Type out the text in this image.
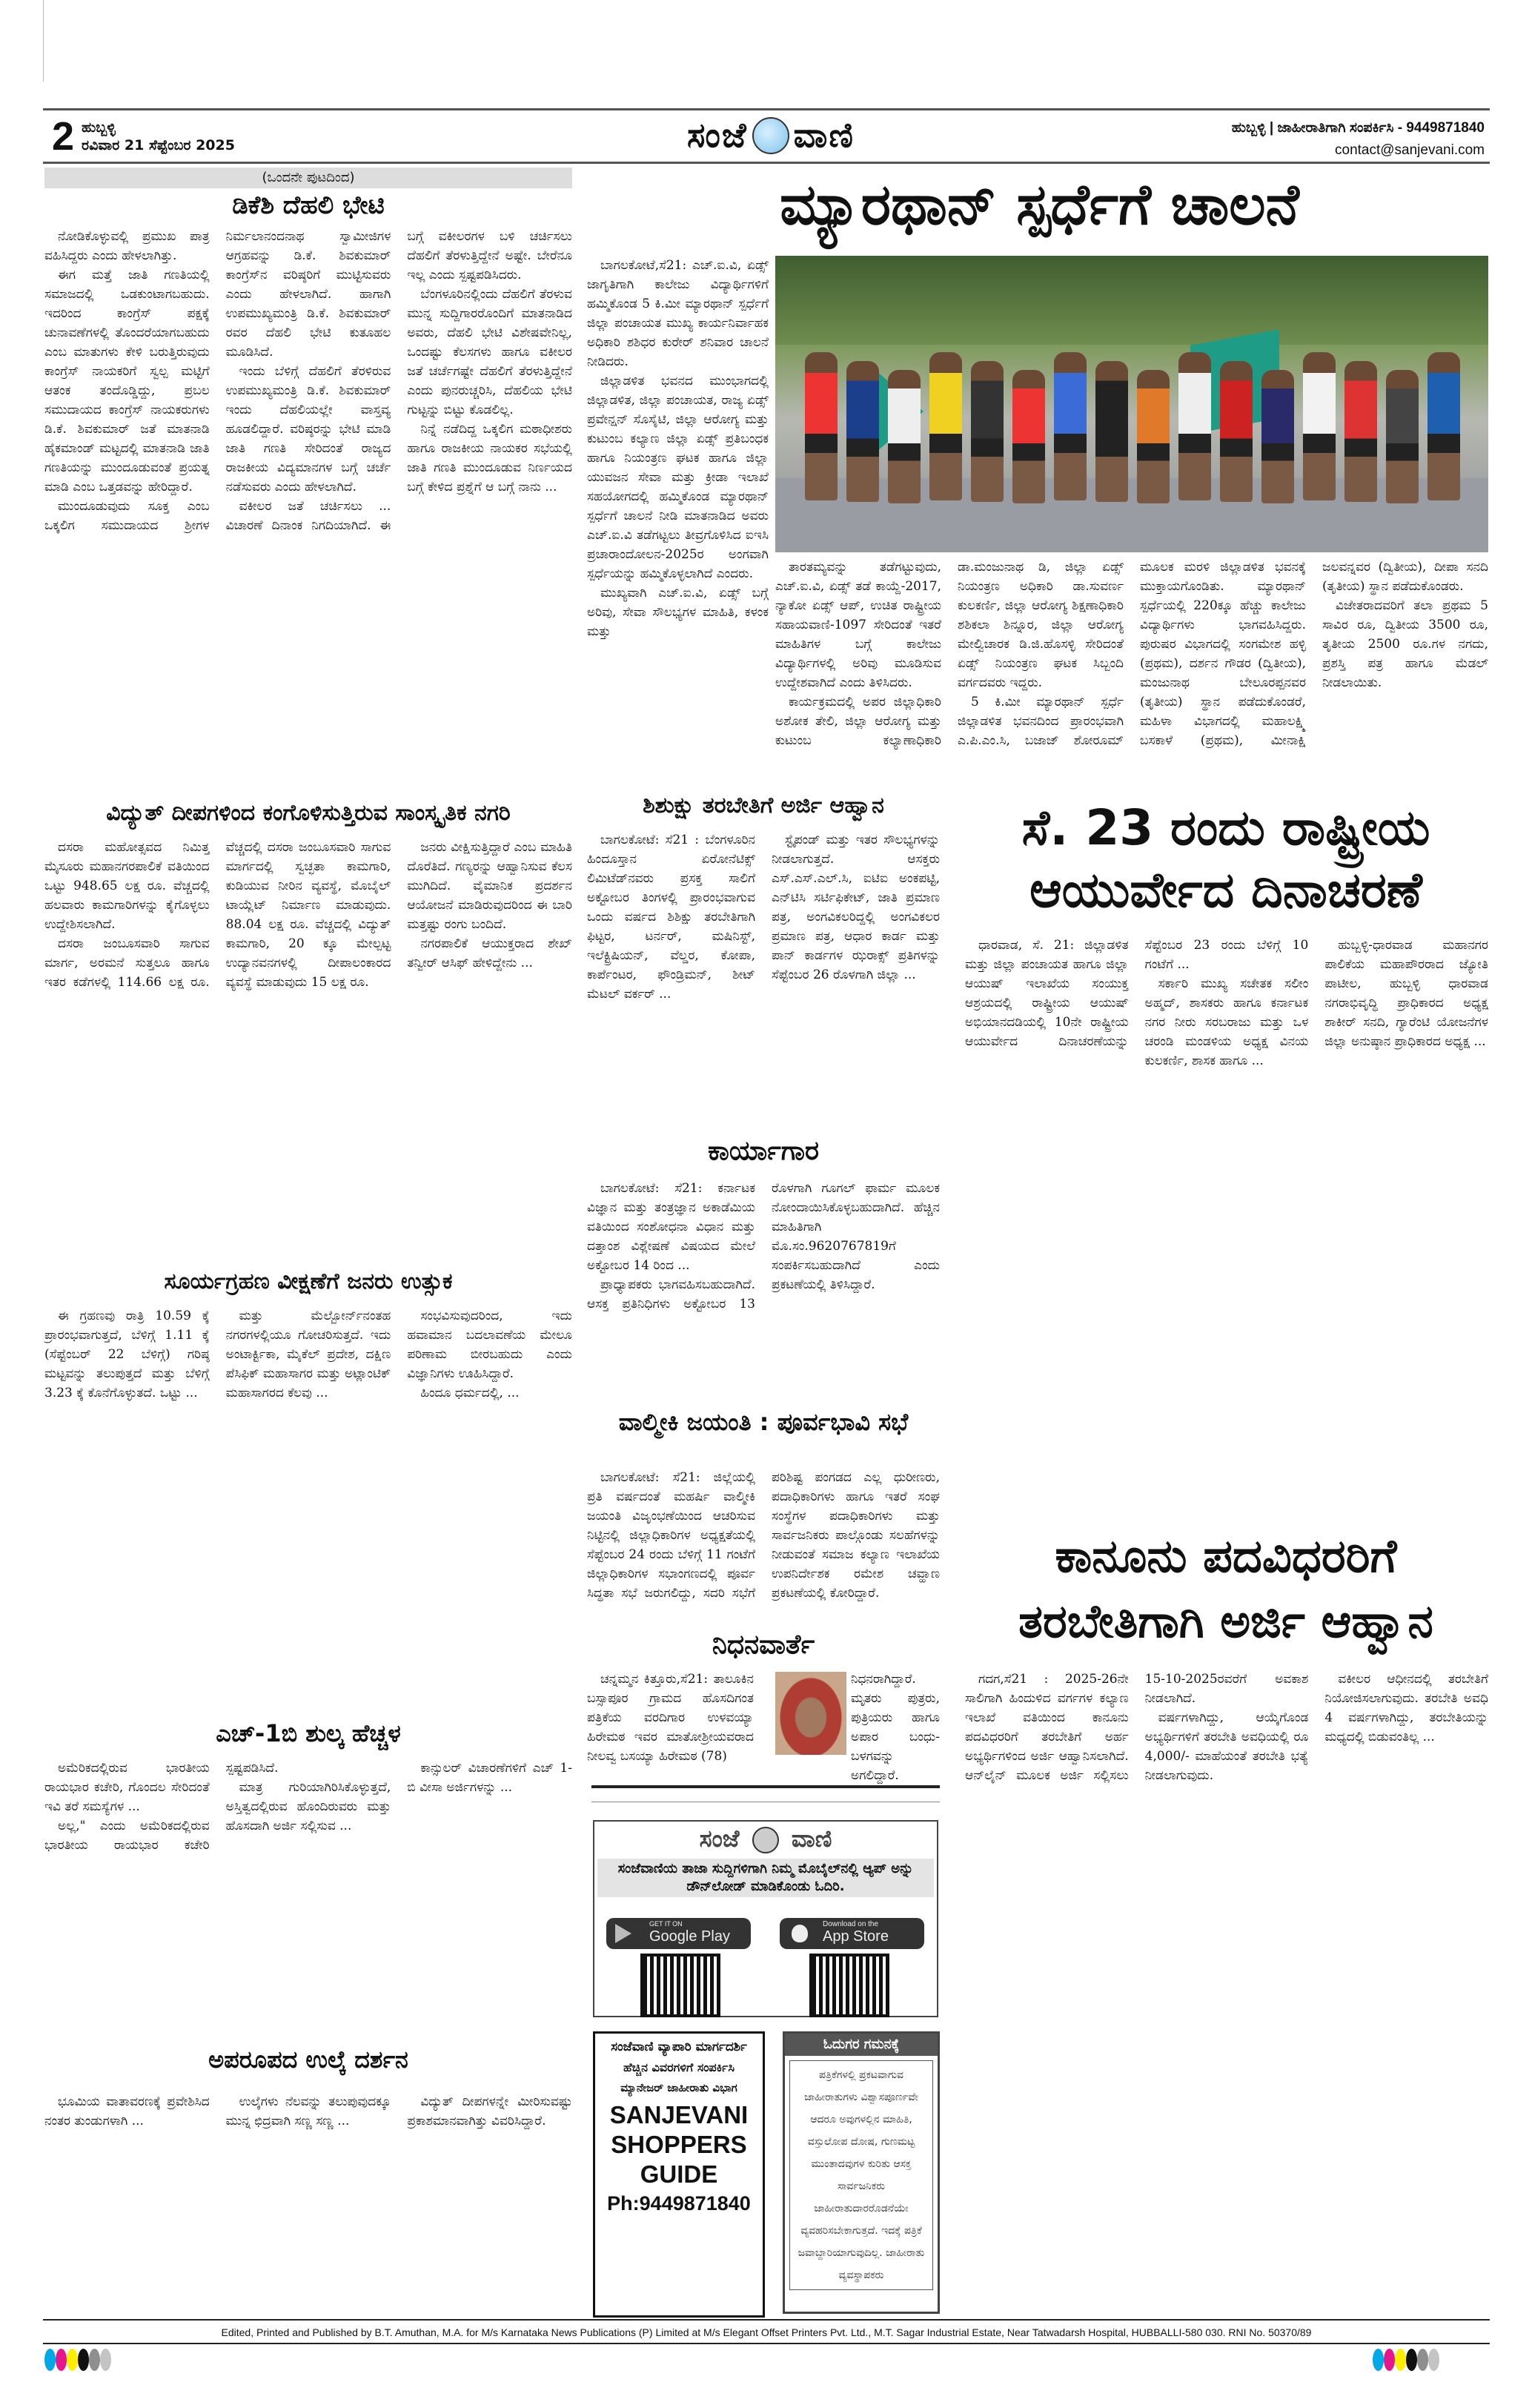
2 ಹುಬ್ಬಳ್ಳಿ
ರವಿವಾರ 21 ಸೆಪ್ಟೆಂಬರ 2025	ಸಂಜೆ ವಾಣಿ	ಹುಬ್ಬಳ್ಳಿ | ಜಾಹೀರಾತಿಗಾಗಿ ಸಂಪರ್ಕಿಸಿ - 9449871840
contact@sanjevani.com
(ಒಂದನೇ ಪುಟದಿಂದ)
ಡಿಕೆಶಿ ದೆಹಲಿ ಭೇಟಿ

ನೋಡಿಕೊಳ್ಳುವಲ್ಲಿ ಪ್ರಮುಖ ಪಾತ್ರ ವಹಿಸಿದ್ದರು ಎಂದು ಹೇಳಲಾಗಿತ್ತು.

ಈಗ ಮತ್ತೆ ಜಾತಿ ಗಣತಿಯಲ್ಲಿ ಸಮಾಜದಲ್ಲಿ ಒಡಕುಂಟಾಗಬಹುದು. ಇದರಿಂದ ಕಾಂಗ್ರೆಸ್ ಪಕ್ಷಕ್ಕೆ ಚುನಾವಣೆಗಳಲ್ಲಿ ತೊಂದರೆಯಾಗಬಹುದು ಎಂಬ ಮಾತುಗಳು ಕೇಳಿ ಬರುತ್ತಿರುವುದು ಕಾಂಗ್ರೆಸ್ ನಾಯಕರಿಗೆ ಸ್ವಲ್ಪ ಮಟ್ಟಿಗೆ ಆತಂಕ ತಂದೊಡ್ಡಿದ್ದು, ಪ್ರಬಲ ಸಮುದಾಯದ ಕಾಂಗ್ರೆಸ್ ನಾಯಕರುಗಳು ಡಿ.ಕೆ. ಶಿವಕುಮಾರ್ ಜತೆ ಮಾತನಾಡಿ ಹೈಕಮಾಂಡ್ ಮಟ್ಟದಲ್ಲಿ ಮಾತನಾಡಿ ಜಾತಿ ಗಣತಿಯನ್ನು ಮುಂದೂಡುವಂತೆ ಪ್ರಯತ್ನ ಮಾಡಿ ಎಂಬ ಒತ್ತಡವನ್ನು ಹೇರಿದ್ದಾರೆ.

ಮುಂದೂಡುವುದು ಸೂಕ್ತ ಎಂಬ ಒಕ್ಕಲಿಗ ಸಮುದಾಯದ ಶ್ರೀಗಳ ನಿರ್ಮಲಾನಂದನಾಥ ಸ್ವಾಮೀಜಿಗಳ ಆಗ್ರಹವನ್ನು ಡಿ.ಕೆ. ಶಿವಕುಮಾರ್ ಕಾಂಗ್ರೆಸ್‌ನ ವರಿಷ್ಠರಿಗೆ ಮುಟ್ಟಿಸುವರು ಎಂದು ಹೇಳಲಾಗಿದೆ. ಹಾಗಾಗಿ ಉಪಮುಖ್ಯಮಂತ್ರಿ ಡಿ.ಕೆ. ಶಿವಕುಮಾರ್ ರವರ ದೆಹಲಿ ಭೇಟಿ ಕುತೂಹಲ ಮೂಡಿಸಿದೆ.

ಇಂದು ಬೆಳಿಗ್ಗೆ ದೆಹಲಿಗೆ ತೆರಳಿರುವ ಉಪಮುಖ್ಯಮಂತ್ರಿ ಡಿ.ಕೆ. ಶಿವಕುಮಾರ್ ಇಂದು ದೆಹಲಿಯಲ್ಲೇ ವಾಸ್ತವ್ಯ ಹೂಡಲಿದ್ದಾರೆ. ವರಿಷ್ಠರನ್ನು ಭೇಟಿ ಮಾಡಿ ಜಾತಿ ಗಣತಿ ಸೇರಿದಂತೆ ರಾಜ್ಯದ ರಾಜಕೀಯ ವಿದ್ಯಮಾನಗಳ ಬಗ್ಗೆ ಚರ್ಚೆ ನಡೆಸುವರು ಎಂದು ಹೇಳಲಾಗಿದೆ.

ವಕೀಲರ ಜತೆ ಚರ್ಚಿಸಲು ... ವಿಚಾರಣೆ ದಿನಾಂಕ ನಿಗದಿಯಾಗಿದೆ. ಈ ಬಗ್ಗೆ ವಕೀಲರಗಳ ಬಳಿ ಚರ್ಚಿಸಲು ದೆಹಲಿಗೆ ತೆರಳುತ್ತಿದ್ದೇನೆ ಅಷ್ಟೇ. ಬೇರೆನೂ ಇಲ್ಲ ಎಂದು ಸ್ಪಷ್ಟಪಡಿಸಿದರು.

ಬೆಂಗಳೂರಿನಲ್ಲಿಂದು ದೆಹಲಿಗೆ ತೆರಳುವ ಮುನ್ನ ಸುದ್ದಿಗಾರರೊಂದಿಗೆ ಮಾತನಾಡಿದ ಅವರು, ದೆಹಲಿ ಭೇಟಿ ವಿಶೇಷವೇನಿಲ್ಲ, ಒಂದಷ್ಟು ಕೆಲಸಗಳು ಹಾಗೂ ವಕೀಲರ ಜತೆ ಚರ್ಚೆಗಷ್ಟೇ ದೆಹಲಿಗೆ ತೆರಳುತ್ತಿದ್ದೇನೆ ಎಂದು ಪುನರುಚ್ಚರಿಸಿ, ದೆಹಲಿಯ ಭೇಟಿ ಗುಟ್ಟನ್ನು ಬಿಟ್ಟು ಕೊಡಲಿಲ್ಲ.

ನಿನ್ನೆ ನಡೆದಿದ್ದ ಒಕ್ಕಲಿಗ ಮಠಾಧೀಶರು ಹಾಗೂ ರಾಜಕೀಯ ನಾಯಕರ ಸಭೆಯಲ್ಲಿ ಜಾತಿ ಗಣತಿ ಮುಂದೂಡುವ ನಿರ್ಣಯದ ಬಗ್ಗೆ ಕೇಳಿದ ಪ್ರಶ್ನೆಗೆ ಆ ಬಗ್ಗೆ ನಾನು ...

ವಿದ್ಯುತ್ ದೀಪಗಳಿಂದ ಕಂಗೊಳಿಸುತ್ತಿರುವ ಸಾಂಸ್ಕೃತಿಕ ನಗರಿ

ದಸರಾ ಮಹೋತ್ಸವದ ನಿಮಿತ್ತ ಮೈಸೂರು ಮಹಾನಗರಪಾಲಿಕೆ ವತಿಯಿಂದ ಒಟ್ಟು 948.65 ಲಕ್ಷ ರೂ. ವೆಚ್ಚದಲ್ಲಿ ಹಲವಾರು ಕಾಮಗಾರಿಗಳನ್ನು ಕೈಗೊಳ್ಳಲು ಉದ್ದೇಶಿಸಲಾಗಿದೆ.

ದಸರಾ ಜಂಬೂಸವಾರಿ ಸಾಗುವ ಮಾರ್ಗ, ಅರಮನೆ ಸುತ್ತಲೂ ಹಾಗೂ ಇತರ ಕಡೆಗಳಲ್ಲಿ 114.66 ಲಕ್ಷ ರೂ. ವೆಚ್ಚದಲ್ಲಿ ದಸರಾ ಜಂಬೂಸವಾರಿ ಸಾಗುವ ಮಾರ್ಗದಲ್ಲಿ ಸ್ವಚ್ಛತಾ ಕಾಮಗಾರಿ, ಕುಡಿಯುವ ನೀರಿನ ವ್ಯವಸ್ಥೆ, ಮೊಬೈಲ್ ಟಾಯ್ಲೆಟ್ ನಿರ್ಮಾಣ ಮಾಡುವುದು. 88.04 ಲಕ್ಷ ರೂ. ವೆಚ್ಚದಲ್ಲಿ ವಿದ್ಯುತ್ ಕಾಮಗಾರಿ, 20 ಕ್ಕೂ ಮೇಲ್ಪಟ್ಟ ಉದ್ಯಾನವನಗಳಲ್ಲಿ ದೀಪಾಲಂಕಾರದ ವ್ಯವಸ್ಥೆ ಮಾಡುವುದು 15 ಲಕ್ಷ ರೂ.

ಜನರು ವೀಕ್ಷಿಸುತ್ತಿದ್ದಾರೆ ಎಂಬ ಮಾಹಿತಿ ದೊರೆತಿದೆ. ಗಣ್ಯರನ್ನು ಆಹ್ವಾನಿಸುವ ಕೆಲಸ ಮುಗಿದಿದೆ. ವೈಮಾನಿಕ ಪ್ರದರ್ಶನ ಆಯೋಜನೆ ಮಾಡಿರುವುದರಿಂದ ಈ ಬಾರಿ ಮತ್ತಷ್ಟು ರಂಗು ಬಂದಿದೆ.

ನಗರಪಾಲಿಕೆ ಆಯುಕ್ತರಾದ ಶೇಖ್ ತನ್ವೀರ್ ಆಸಿಫ್ ಹೇಳಿದ್ದೇನು ...

ಸೂರ್ಯಗ್ರಹಣ ವೀಕ್ಷಣೆಗೆ ಜನರು ಉತ್ಸುಕ

ಈ ಗ್ರಹಣವು ರಾತ್ರಿ 10.59 ಕ್ಕೆ ಪ್ರಾರಂಭವಾಗುತ್ತದೆ, ಬೆಳಿಗ್ಗೆ 1.11 ಕ್ಕೆ (ಸೆಪ್ಟೆಂಬರ್ 22 ಬೆಳಿಗ್ಗೆ) ಗರಿಷ್ಠ ಮಟ್ಟವನ್ನು ತಲುಪುತ್ತದೆ ಮತ್ತು ಬೆಳಿಗ್ಗೆ 3.23 ಕ್ಕೆ ಕೊನೆಗೊಳ್ಳುತದೆ. ಒಟ್ಟು ...

ಮತ್ತು ಮೆಲ್ಬೋರ್ನ್‌ನಂತಹ ನಗರಗಳಲ್ಲಿಯೂ ಗೋಚರಿಸುತ್ತದೆ. ಇದು ಅಂಟಾರ್ಕ್ಟಿಕಾ, ಮೈಕೆಲ್ ಪ್ರದೇಶ, ದಕ್ಷಿಣ ಪೆಸಿಫಿಕ್ ಮಹಾಸಾಗರ ಮತ್ತು ಅಟ್ಲಾಂಟಿಕ್ ಮಹಾಸಾಗರದ ಕೆಲವು ...

ಸಂಭವಿಸುವುದರಿಂದ, ಇದು ಹವಾಮಾನ ಬದಲಾವಣೆಯ ಮೇಲೂ ಪರಿಣಾಮ ಬೀರಬಹುದು ಎಂದು ವಿಜ್ಞಾನಿಗಳು ಊಹಿಸಿದ್ದಾರೆ.

ಹಿಂದೂ ಧರ್ಮದಲ್ಲಿ, ...

ಎಚ್-1ಬಿ ಶುಲ್ಕ ಹೆಚ್ಚಳ

ಅಮೆರಿಕದಲ್ಲಿರುವ ಭಾರತೀಯ ರಾಯಭಾರ ಕಚೇರಿ, ಗೊಂದಲ ಸೇರಿದಂತೆ ಇವಿ ತರೆ ಸಮಸ್ಯೆಗಳ ...

ಅಲ್ಲ," ಎಂದು ಅಮೆರಿಕದಲ್ಲಿರುವ ಭಾರತೀಯ ರಾಯಭಾರ ಕಚೇರಿ ಸ್ಪಷ್ಟಪಡಿಸಿದೆ.

ಮಾತ್ರ ಗುರಿಯಾಗಿರಿಸಿಕೊಳ್ಳುತ್ತದೆ, ಅಸ್ತಿತ್ವದಲ್ಲಿರುವ ಹೊಂದಿರುವರು ಮತ್ತು ಹೊಸದಾಗಿ ಅರ್ಜಿ ಸಲ್ಲಿಸುವ ...

ಕಾನ್ಸುಲರ್ ವಿಚಾರಣೆಗಳಿಗೆ ಎಚ್ 1-ಬಿ ವೀಸಾ ಅರ್ಜಿಗಳನ್ನು ...

ಅಪರೂಪದ ಉಲ್ಕೆ ದರ್ಶನ

ಭೂಮಿಯ ವಾತಾವರಣಕ್ಕೆ ಪ್ರವೇಶಿಸಿದ ನಂತರ ತುಂಡುಗಳಾಗಿ ...

ಉಲ್ಕೆಗಳು ನೆಲವನ್ನು ತಲುಪುವುದಕ್ಕೂ ಮುನ್ನ ಛಿದ್ರವಾಗಿ ಸಣ್ಣ ಸಣ್ಣ ...

ವಿದ್ಯುತ್ ದೀಪಗಳನ್ನೇ ಮೀರಿಸುವಷ್ಟು ಪ್ರಕಾಶಮಾನವಾಗಿತ್ತು ವಿವರಿಸಿದ್ದಾರೆ.

ಮ್ಯಾರಥಾನ್ ಸ್ಪರ್ಧೆಗೆ ಚಾಲನೆ

ಬಾಗಲಕೋಟೆ,ಸೆ21: ಎಚ್.ಐ.ವಿ, ಏಡ್ಸ್ ಜಾಗೃತಿಗಾಗಿ ಕಾಲೇಜು ವಿದ್ಯಾರ್ಥಿಗಳಿಗೆ ಹಮ್ಮಿಕೊಂಡ 5 ಕಿ.ಮೀ ಮ್ಯಾರಥಾನ್ ಸ್ಪರ್ಧೆಗೆ ಜಿಲ್ಲಾ ಪಂಚಾಯತ ಮುಖ್ಯ ಕಾರ್ಯನಿರ್ವಾಹಕ ಅಧಿಕಾರಿ ಶಶಿಧರ ಕುರೇರ್ ಶನಿವಾರ ಚಾಲನೆ ನೀಡಿದರು.

ಜಿಲ್ಲಾಡಳಿತ ಭವನದ ಮುಂಭಾಗದಲ್ಲಿ ಜಿಲ್ಲಾಡಳಿತ, ಜಿಲ್ಲಾ ಪಂಚಾಯತ, ರಾಜ್ಯ ಏಡ್ಸ್ ಪ್ರವೇನ್ಷನ್ ಸೊಸೈಟಿ, ಜಿಲ್ಲಾ ಆರೋಗ್ಯ ಮತ್ತು ಕುಟುಂಬ ಕಲ್ಯಾಣ ಜಿಲ್ಲಾ ಏಡ್ಸ್ ಪ್ರತಿಬಂಧಕ ಹಾಗೂ ನಿಯಂತ್ರಣ ಘಟಕ ಹಾಗೂ ಜಿಲ್ಲಾ ಯುವಜನ ಸೇವಾ ಮತ್ತು ಕ್ರೀಡಾ ಇಲಾಖೆ ಸಹಯೋಗದಲ್ಲಿ ಹಮ್ಮಿಕೊಂಡ ಮ್ಯಾರಥಾನ್ ಸ್ಪರ್ಧೆಗೆ ಚಾಲನೆ ನೀಡಿ ಮಾತನಾಡಿದ ಅವರು ಎಚ್.ಐ.ವಿ ತಡೆಗಟ್ಟಲು ತೀವ್ರಗೊಳಿಸಿದ ಐಇಸಿ ಪ್ರಚಾರಾಂದೋಲನ-2025ರ ಅಂಗವಾಗಿ ಸ್ಪರ್ಧೆಯನ್ನು ಹಮ್ಮಿಕೊಳ್ಳಲಾಗಿದೆ ಎಂದರು.

ಮುಖ್ಯವಾಗಿ ಎಚ್.ಐ.ವಿ, ಏಡ್ಸ್ ಬಗ್ಗೆ ಅರಿವು, ಸೇವಾ ಸೌಲಭ್ಯಗಳ ಮಾಹಿತಿ, ಕಳಂಕ ಮತ್ತು

ತಾರತಮ್ಯವನ್ನು ತಡೆಗಟ್ಟುವುದು, ಎಚ್.ಐ.ವಿ, ಏಡ್ಸ್ ತಡೆ ಕಾಯ್ದೆ-2017, ನ್ಯಾಕೋ ಏಡ್ಸ್ ಆಪ್, ಉಚಿತ ರಾಷ್ಟ್ರೀಯ ಸಹಾಯವಾಣಿ-1097 ಸೇರಿದಂತೆ ಇತರೆ ಮಾಹಿತಿಗಳ ಬಗ್ಗೆ ಕಾಲೇಜು ವಿದ್ಯಾರ್ಥಿಗಳಲ್ಲಿ ಅರಿವು ಮೂಡಿಸುವ ಉದ್ದೇಶವಾಗಿದೆ ಎಂದು ತಿಳಿಸಿದರು.

ಕಾರ್ಯಕ್ರಮದಲ್ಲಿ ಅಪರ ಜಿಲ್ಲಾಧಿಕಾರಿ ಅಶೋಕ ತೇಲಿ, ಜಿಲ್ಲಾ ಆರೋಗ್ಯ ಮತ್ತು ಕುಟುಂಬ ಕಲ್ಯಾಣಾಧಿಕಾರಿ ಡಾ.ಮಂಜುನಾಥ ಡಿ, ಜಿಲ್ಲಾ ಏಡ್ಸ್ ನಿಯಂತ್ರಣ ಅಧಿಕಾರಿ ಡಾ.ಸುವರ್ಣ ಕುಲಕರ್ಣಿ, ಜಿಲ್ಲಾ ಆರೋಗ್ಯ ಶಿಕ್ಷಣಾಧಿಕಾರಿ ಶಶಿಕಲಾ ಶಿನ್ನೂರ, ಜಿಲ್ಲಾ ಆರೋಗ್ಯ ಮೇಲ್ವಿಚಾರಕ ಡಿ.ಜಿ.ಹೊಸಳ್ಳಿ ಸೇರಿದಂತೆ ಏಡ್ಸ್ ನಿಯಂತ್ರಣ ಘಟಕ ಸಿಬ್ಬಂದಿ ವರ್ಗದವರು ಇದ್ದರು.

5 ಕಿ.ಮೀ ಮ್ಯಾರಥಾನ್ ಸ್ಪರ್ಧೆ ಜಿಲ್ಲಾಡಳಿತ ಭವನದಿಂದ ಪ್ರಾರಂಭವಾಗಿ ಎ.ಪಿ.ಎಂ.ಸಿ, ಬಜಾಜ್ ಶೋರೂಮ್ ಮೂಲಕ ಮರಳಿ ಜಿಲ್ಲಾಡಳಿತ ಭವನಕ್ಕೆ ಮುಕ್ತಾಯಗೊಂಡಿತು. ಮ್ಯಾರಥಾನ್ ಸ್ಪರ್ಧೆಯಲ್ಲಿ 220ಕ್ಕೂ ಹೆಚ್ಚು ಕಾಲೇಜು ವಿದ್ಯಾರ್ಥಿಗಳು ಭಾಗವಹಿಸಿದ್ದರು. ಪುರುಷರ ವಿಭಾಗದಲ್ಲಿ ಸಂಗಮೇಶ ಹಳ್ಳಿ (ಪ್ರಥಮ), ದರ್ಶನ ಗೌಡರ (ದ್ವಿತೀಯ), ಮಂಜುನಾಥ ಬೇಲೂರಪ್ಪನವರ (ತೃತೀಯ) ಸ್ಥಾನ ಪಡೆದುಕೊಂಡರೆ, ಮಹಿಳಾ ವಿಭಾಗದಲ್ಲಿ ಮಹಾಲಕ್ಷ್ಮಿ ಬಸಕಾಳೆ (ಪ್ರಥಮ), ಮೀನಾಕ್ಷಿ ಜಲವನ್ನವರ (ದ್ವಿತೀಯ), ದೀಪಾ ಸನದಿ (ತೃತೀಯ) ಸ್ಥಾನ ಪಡೆದುಕೊಂಡರು.

ವಿಜೇತರಾದವರಿಗೆ ತಲಾ ಪ್ರಥಮ 5 ಸಾವಿರ ರೂ, ದ್ವಿತೀಯ 3500 ರೂ, ತೃತೀಯ 2500 ರೂ.ಗಳ ನಗದು, ಪ್ರಶಸ್ತಿ ಪತ್ರ ಹಾಗೂ ಮೆಡಲ್ ನೀಡಲಾಯಿತು.

ಶಿಶುಕ್ಷು ತರಬೇತಿಗೆ ಅರ್ಜಿ ಆಹ್ವಾನ

ಬಾಗಲಕೋಟೆ: ಸೆ21 : ಬೆಂಗಳೂರಿನ ಹಿಂದೂಸ್ತಾನ ಏರೋನೆಟಿಕ್ಸ್ ಲಿಮಿಟೆಡ್‌ನವರು ಪ್ರಸಕ್ತ ಸಾಲಿಗೆ ಅಕ್ಟೋಬರ ತಿಂಗಳಲ್ಲಿ ಪ್ರಾರಂಭವಾಗುವ ಒಂದು ವರ್ಷದ ಶಿಶಿಕ್ಷು ತರಬೇತಿಗಾಗಿ ಫಿಟ್ಟರ, ಟರ್ನರ್, ಮಷಿನಿಸ್ಟ್, ಇಲೆಕ್ಟ್ರಿಷಿಯನ್, ವೆಲ್ಡರ, ಕೋಪಾ, ಕಾರ್ಪೆಂಟರ, ಫೌಂಡ್ರಿಮನ್, ಶೀಟ್ ಮೆಟಲ್ ವರ್ಕರ್ ...

ಸ್ಟೈಪಂಡ್ ಮತ್ತು ಇತರ ಸೌಲಭ್ಯಗಳನ್ನು ನೀಡಲಾಗುತ್ತದೆ. ಆಸಕ್ತರು ಎಸ್.ಎಸ್.ಎಲ್.ಸಿ, ಐಟಿಐ ಅಂಕಪಟ್ಟಿ, ಎನ್‌ಟಿಸಿ ಸರ್ಟಿಫಿಕೇಟ್, ಜಾತಿ ಪ್ರಮಾಣ ಪತ್ರ, ಅಂಗವಿಕಲರಿದ್ದಲ್ಲಿ ಅಂಗವಿಕಲರ ಪ್ರಮಾಣ ಪತ್ರ, ಆಧಾರ ಕಾರ್ಡ ಮತ್ತು ಪಾನ್ ಕಾರ್ಡಗಳ ಝರಾಕ್ಸ್ ಪ್ರತಿಗಳನ್ನು ಸೆಪ್ಟೆಂಬರ 26 ರೊಳಗಾಗಿ ಜಿಲ್ಲಾ ...

ಕಾರ್ಯಾಗಾರ

ಬಾಗಲಕೋಟೆ: ಸೆ21: ಕರ್ನಾಟಕ ವಿಜ್ಞಾನ ಮತ್ತು ತಂತ್ರಜ್ಞಾನ ಅಕಾಡೆಮಿಯ ವತಿಯಿಂದ ಸಂಶೋಧನಾ ವಿಧಾನ ಮತ್ತು ದತ್ತಾಂಶ ವಿಶ್ಲೇಷಣೆ ವಿಷಯದ ಮೇಲೆ ಅಕ್ಟೋಬರ 14 ರಿಂದ ...

ಪ್ರಾಧ್ಯಾಪಕರು ಭಾಗವಹಿಸಬಹುದಾಗಿದೆ. ಆಸಕ್ತ ಪ್ರತಿನಿಧಿಗಳು ಅಕ್ಟೋಬರ 13 ರೊಳಗಾಗಿ ಗೂಗಲ್ ಫಾರ್ಮ ಮೂಲಕ ನೋಂದಾಯಿಸಿಕೊಳ್ಳಬಹುದಾಗಿದೆ. ಹೆಚ್ಚಿನ ಮಾಹಿತಿಗಾಗಿ ಮೊ.ಸಂ.9620767819ಗೆ ಸಂಪರ್ಕಿಸಬಹುದಾಗಿದೆ ಎಂದು ಪ್ರಕಟಣೆಯಲ್ಲಿ ತಿಳಿಸಿದ್ದಾರೆ.

ವಾಲ್ಮೀಕಿ ಜಯಂತಿ : ಪೂರ್ವಭಾವಿ ಸಭೆ

ಬಾಗಲಕೋಟೆ: ಸೆ21: ಜಿಲ್ಲೆಯಲ್ಲಿ ಪ್ರತಿ ವರ್ಷದಂತೆ ಮಹರ್ಷಿ ವಾಲ್ಮೀಕಿ ಜಯಂತಿ ವಿಜೃಂಭಣೆಯಿಂದ ಆಚರಿಸುವ ನಿಟ್ಟಿನಲ್ಲಿ ಜಿಲ್ಲಾಧಿಕಾರಿಗಳ ಅಧ್ಯಕ್ಷತೆಯಲ್ಲಿ ಸೆಪ್ಟೆಂಬರ 24 ರಂದು ಬೆಳಿಗ್ಗೆ 11 ಗಂಟೆಗೆ ಜಿಲ್ಲಾಧಿಕಾರಿಗಳ ಸಭಾಂಗಣದಲ್ಲಿ ಪೂರ್ವ ಸಿದ್ಧತಾ ಸಭೆ ಜರುಗಲಿದ್ದು, ಸದರಿ ಸಭೆಗೆ ಪರಿಶಿಷ್ಟ ಪಂಗಡದ ಎಲ್ಲ ಧುರೀಣರು, ಪದಾಧಿಕಾರಿಗಳು ಹಾಗೂ ಇತರೆ ಸಂಘ ಸಂಸ್ಥೆಗಳ ಪದಾಧಿಕಾರಿಗಳು ಮತ್ತು ಸಾರ್ವಜನಿಕರು ಪಾಲ್ಗೊಂಡು ಸಲಹೆಗಳನ್ನು ನೀಡುವಂತೆ ಸಮಾಜ ಕಲ್ಯಾಣ ಇಲಾಖೆಯ ಉಪನಿರ್ದೇಶಕ ರಮೇಶ ಚವ್ಹಾಣ ಪ್ರಕಟಣೆಯಲ್ಲಿ ಕೋರಿದ್ದಾರೆ.

ನಿಧನವಾರ್ತೆ
ಚನ್ನಮ್ಮನ ಕಿತ್ತೂರು,ಸೆ21: ತಾಲೂಕಿನ ಬಸ್ಸಾಪೂರ ಗ್ರಾಮದ ಹೊಸದಿಗಂತ ಪತ್ರಿಕೆಯ ವರದಿಗಾರ ಉಳವಯ್ಯಾ ಹಿರೇಮಠ ಇವರ ಮಾತೋಶ್ರೀಯವರಾದ ನೀಲವ್ವ ಬಸಯ್ಯಾ ಹಿರೇಮಠ (78)
ನಿಧನರಾಗಿದ್ದಾರೆ. ಮೃತರು ಪುತ್ರರು, ಪುತ್ರಿಯರು ಹಾಗೂ ಅಪಾರ ಬಂಧು-ಬಳಗವನ್ನು ಅಗಲಿದ್ದಾರೆ.
ಸಂಜೆ ವಾಣಿ
ಸಂಜೆವಾಣಿಯ ತಾಜಾ ಸುದ್ದಿಗಳಿಗಾಗಿ ನಿಮ್ಮ ಮೊಬೈಲ್‌ನಲ್ಲಿ ಆ್ಯಪ್ ಅನ್ನು ಡೌನ್‌ಲೋಡ್ ಮಾಡಿಕೊಂಡು ಓದಿರಿ.
GET IT ON
Google Play
Download on the
App Store
ಸಂಜೆವಾಣಿ ವ್ಯಾಪಾರಿ ಮಾರ್ಗದರ್ಶಿ
ಹೆಚ್ಚಿನ ವಿವರಗಳಿಗೆ ಸಂಪರ್ಕಿಸಿ
ಮ್ಯಾನೇಜರ್ ಜಾಹೀರಾತು ವಿಭಾಗ
SANJEVANI SHOPPERS GUIDE
Ph:9449871840
ಓದುಗರ ಗಮನಕ್ಕೆ
ಪತ್ರಿಕೆಗಳಲ್ಲಿ ಪ್ರಕಟವಾಗುವ ಜಾಹೀರಾತುಗಳು ವಿಶ್ವಾಸಪೂರ್ಣವೇ ಆದರೂ ಅವುಗಳಲ್ಲಿನ ಮಾಹಿತಿ, ವಸ್ತುಲೋಪ ದೋಷ, ಗುಣಮಟ್ಟ ಮುಂತಾದವುಗಳ ಕುರಿತು ಆಸಕ್ತ ಸಾರ್ವಜನಿಕರು ಜಾಹೀರಾತುದಾರರೊಡನೆಯೇ ವ್ಯವಹರಿಸಬೇಕಾಗುತ್ತದೆ. ಇದಕ್ಕೆ ಪತ್ರಿಕೆ ಜವಾಬ್ದಾರಿಯಾಗುವುದಿಲ್ಲ. ಜಾಹೀರಾತು ವ್ಯವಸ್ಥಾಪಕರು
ಸೆ. 23 ರಂದು ರಾಷ್ಟ್ರೀಯ
ಆಯುರ್ವೇದ ದಿನಾಚರಣೆ

ಧಾರವಾಡ, ಸೆ. 21: ಜಿಲ್ಲಾಡಳಿತ ಮತ್ತು ಜಿಲ್ಲಾ ಪಂಚಾಯತ ಹಾಗೂ ಜಿಲ್ಲಾ ಆಯುಷ್ ಇಲಾಖೆಯ ಸಂಯುಕ್ತ ಆಶ್ರಯದಲ್ಲಿ ರಾಷ್ಟ್ರೀಯ ಆಯುಷ್ ಅಭಿಯಾನದಡಿಯಲ್ಲಿ 10ನೇ ರಾಷ್ಟ್ರೀಯ ಆಯುರ್ವೇದ ದಿನಾಚರಣೆಯನ್ನು ಸೆಪ್ಟೆಂಬರ 23 ರಂದು ಬೆಳಿಗ್ಗೆ 10 ಗಂಟೆಗೆ ...

ಸರ್ಕಾರಿ ಮುಖ್ಯ ಸಚೇತಕ ಸಲೀಂ ಅಹ್ಮದ್, ಶಾಸಕರು ಹಾಗೂ ಕರ್ನಾಟಕ ನಗರ ನೀರು ಸರಬರಾಜು ಮತ್ತು ಒಳ ಚರಂಡಿ ಮಂಡಳಿಯ ಅಧ್ಯಕ್ಷ ವಿನಯ ಕುಲಕರ್ಣಿ, ಶಾಸಕ ಹಾಗೂ ...

ಹುಬ್ಬಳ್ಳಿ-ಧಾರವಾಡ ಮಹಾನಗರ ಪಾಲಿಕೆಯ ಮಹಾಪೌರರಾದ ಜ್ಯೋತಿ ಪಾಟೀಲ, ಹುಬ್ಬಳ್ಳಿ ಧಾರವಾಡ ನಗರಾಭಿವೃದ್ಧಿ ಪ್ರಾಧಿಕಾರದ ಅಧ್ಯಕ್ಷ ಶಾಕೀರ್ ಸನದಿ, ಗ್ಯಾರೆಂಟಿ ಯೋಜನೆಗಳ ಜಿಲ್ಲಾ ಅನುಷ್ಠಾನ ಪ್ರಾಧಿಕಾರದ ಅಧ್ಯಕ್ಷ ...

ಕಾನೂನು ಪದವಿಧರರಿಗೆ
ತರಬೇತಿಗಾಗಿ ಅರ್ಜಿ ಆಹ್ವಾನ

ಗದಗ,ಸೆ21 : 2025-26ನೇ ಸಾಲಿಗಾಗಿ ಹಿಂದುಳಿದ ವರ್ಗಗಳ ಕಲ್ಯಾಣ ಇಲಾಖೆ ವತಿಯಿಂದ ಕಾನೂನು ಪದವಿಧರರಿಗೆ ತರಬೇತಿಗೆ ಅರ್ಹ ಅಭ್ಯರ್ಥಿಗಳಿಂದ ಅರ್ಜಿ ಆಹ್ವಾನಿಸಲಾಗಿದೆ. ಆನ್‌ಲೈನ್ ಮೂಲಕ ಅರ್ಜಿ ಸಲ್ಲಿಸಲು 15-10-2025ರವರೆಗೆ ಅವಕಾಶ ನೀಡಲಾಗಿದೆ.

ವರ್ಷಗಳಾಗಿದ್ದು, ಆಯ್ಕೆಗೊಂಡ ಅಭ್ಯರ್ಥಿಗಳಿಗೆ ತರಬೇತಿ ಅವಧಿಯಲ್ಲಿ ರೂ 4,000/- ಮಾಹೆಯಂತೆ ತರಬೇತಿ ಭತ್ಯೆ ನೀಡಲಾಗುವುದು.

ವಕೀಲರ ಆಧೀನದಲ್ಲಿ ತರಬೇತಿಗೆ ನಿಯೋಜಿಸಲಾಗುವುದು. ತರಬೇತಿ ಅವಧಿ 4 ವರ್ಷಗಳಾಗಿದ್ದು, ತರಬೇತಿಯನ್ನು ಮಧ್ಯದಲ್ಲಿ ಬಿಡುವಂತಿಲ್ಲ ...

Edited, Printed and Published by B.T. Amuthan, M.A. for M/s Karnataka News Publications (P) Limited at M/s Elegant Offset Printers Pvt. Ltd., M.T. Sagar Industrial Estate, Near Tatwadarsh Hospital, HUBBALLI-580 030. RNI No. 50370/89
